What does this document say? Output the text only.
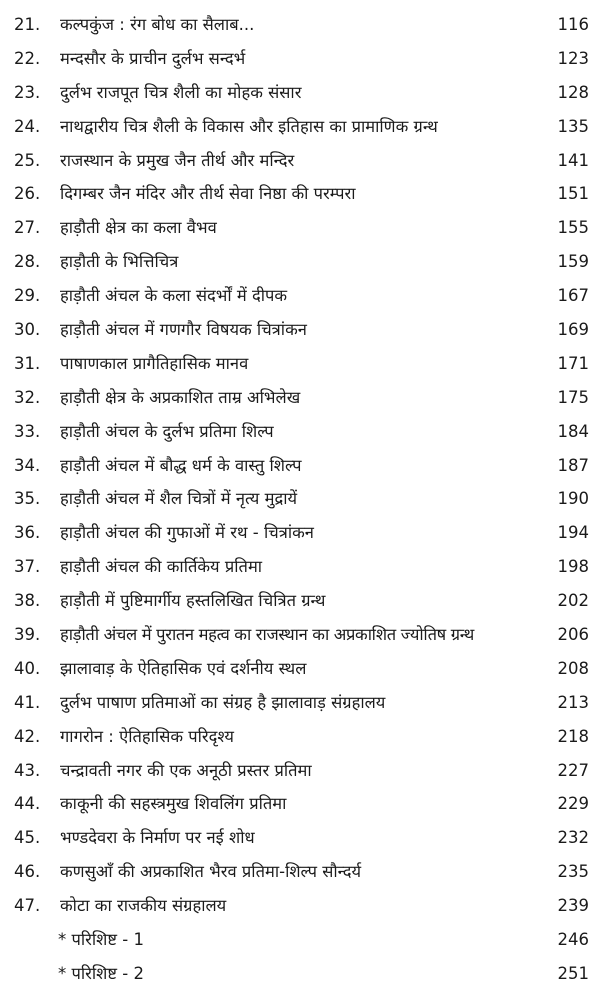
21.	कल्पकुंज : रंग बोध का सैलाब...	116
22.	मन्दसौर के प्राचीन दुर्लभ सन्दर्भ	123
23.	दुर्लभ राजपूत चित्र शैली का मोहक संसार	128
24.	नाथद्वारीय चित्र शैली के विकास और इतिहास का प्रामाणिक ग्रन्थ	135
25.	राजस्थान के प्रमुख जैन तीर्थ और मन्दिर	141
26.	दिगम्बर जैन मंदिर और तीर्थ सेवा निष्ठा की परम्परा	151
27.	हाड़ौती क्षेत्र का कला वैभव	155
28.	हाड़ौती के भित्तिचित्र	159
29.	हाड़ौती अंचल के कला संदर्भों में दीपक	167
30.	हाड़ौती अंचल में गणगौर विषयक चित्रांकन	169
31.	पाषाणकाल प्रागैतिहासिक मानव	171
32.	हाड़ौती क्षेत्र के अप्रकाशित ताम्र अभिलेख	175
33.	हाड़ौती अंचल के दुर्लभ प्रतिमा शिल्प	184
34.	हाड़ौती अंचल में बौद्ध धर्म के वास्तु शिल्प	187
35.	हाड़ौती अंचल में शैल चित्रों में नृत्य मुद्रायें	190
36.	हाड़ौती अंचल की गुफाओं में रथ - चित्रांकन	194
37.	हाड़ौती अंचल की कार्तिकेय प्रतिमा	198
38.	हाड़ौती में पुष्टिमार्गीय हस्तलिखित चित्रित ग्रन्थ	202
39.	हाड़ौती अंचल में पुरातन महत्व का राजस्थान का अप्रकाशित ज्योतिष ग्रन्थ	206
40.	झालावाड़ के ऐतिहासिक एवं दर्शनीय स्थल	208
41.	दुर्लभ पाषाण प्रतिमाओं का संग्रह है झालावाड़ संग्रहालय	213
42.	गागरोन : ऐतिहासिक परिदृश्य	218
43.	चन्द्रावती नगर की एक अनूठी प्रस्तर प्रतिमा	227
44.	काकूनी की सहस्त्रमुख शिवलिंग प्रतिमा	229
45.	भण्डदेवरा के निर्माण पर नई शोध	232
46.	कणसुआँ की अप्रकाशित भैरव प्रतिमा-शिल्प सौन्दर्य	235
47.	कोटा का राजकीय संग्रहालय	239
* परिशिष्ट - 1	246
* परिशिष्ट - 2	251
